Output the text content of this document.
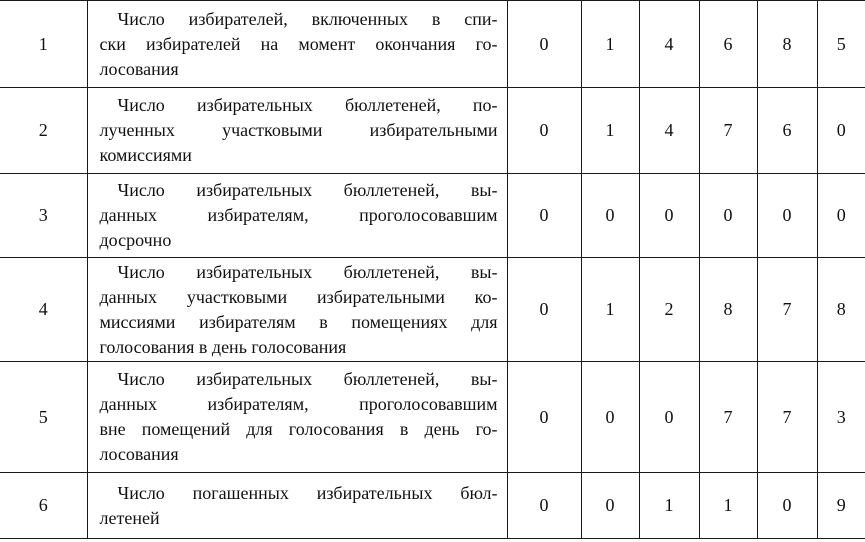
1	Число избирателей, включенных в спи-
ски избирателей на момент окончания го-
лосования	0	1	4	6	8	5
2	Число избирательных бюллетеней, по-
лученных участковыми избирательными
комиссиями	0	1	4	7	6	0
3	Число избирательных бюллетеней, вы-
данных избирателям, проголосовавшим
досрочно	0	0	0	0	0	0
4	Число избирательных бюллетеней, вы-
данных участковыми избирательными ко-
миссиями избирателям в помещениях для
голосования в день голосования	0	1	2	8	7	8
5	Число избирательных бюллетеней, вы-
данных избирателям, проголосовавшим
вне помещений для голосования в день го-
лосования	0	0	0	7	7	3
6	Число погашенных избирательных бюл-
летеней	0	0	1	1	0	9
